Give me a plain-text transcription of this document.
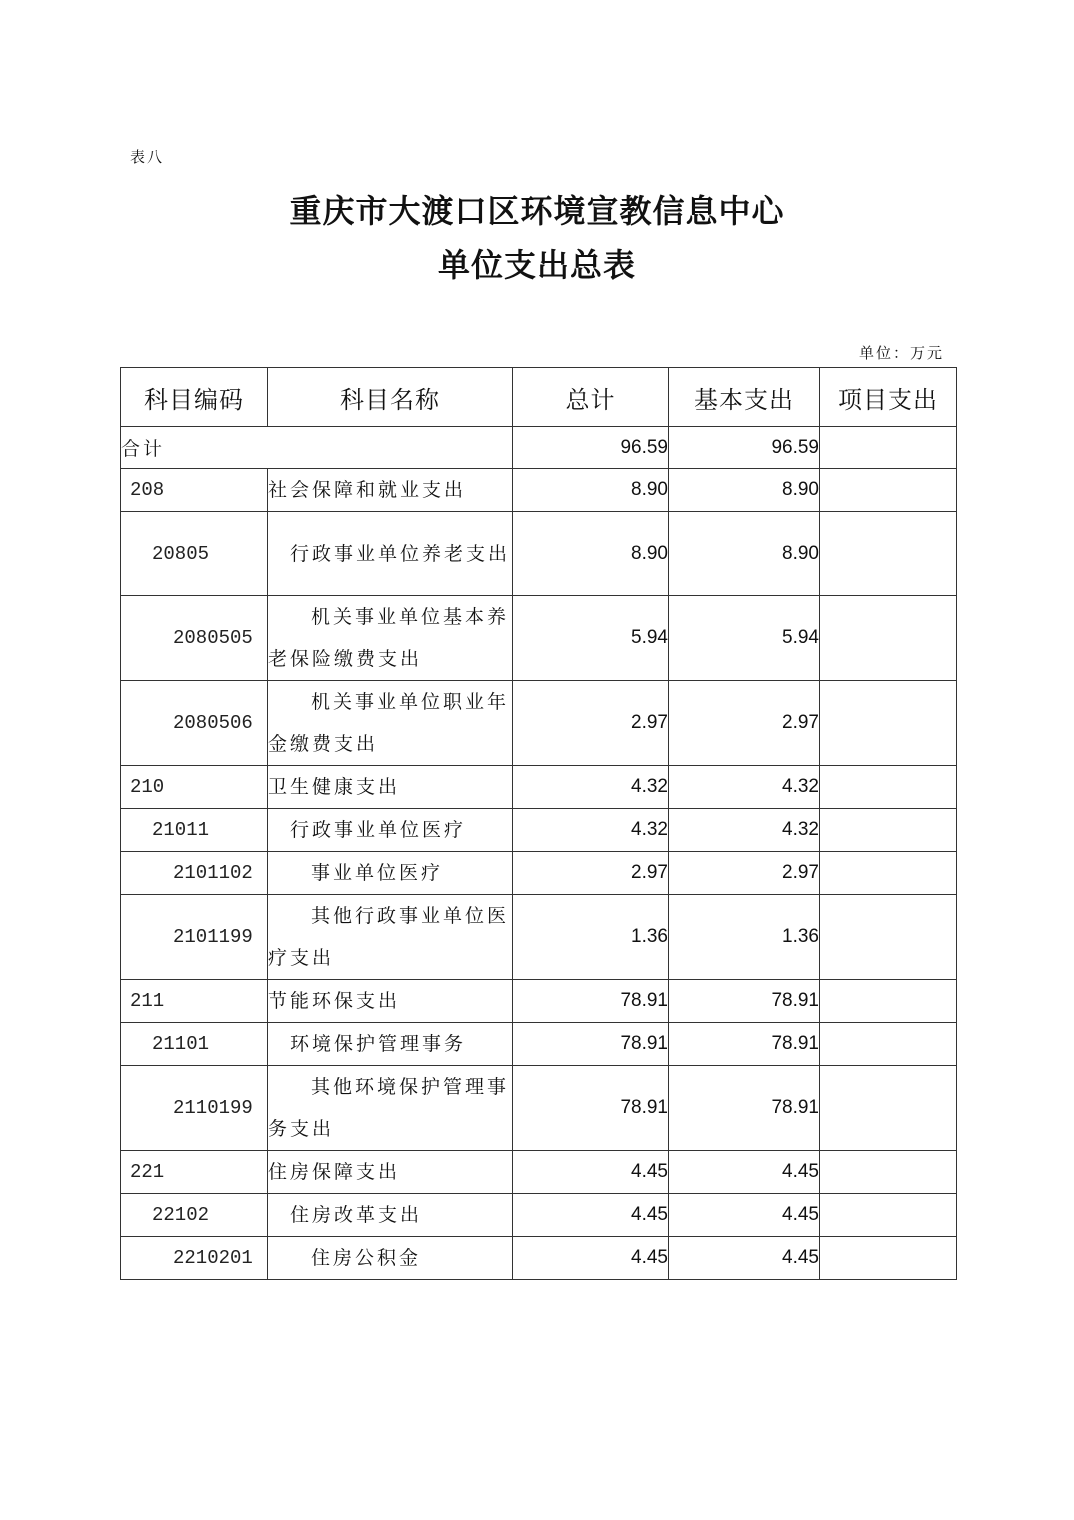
表八
重庆市大渡口区环境宣教信息中心
单位支出总表
单位：万元
科目编码	科目名称	总计	基本支出	项目支出
合计		96.59	96.59	
208	社会保障和就业支出	8.90	8.90	
20805	行政事业单位养老支出	8.90	8.90	
2080505	机关事业单位基本养老保险缴费支出	5.94	5.94	
2080506	机关事业单位职业年金缴费支出	2.97	2.97	
210	卫生健康支出	4.32	4.32	
21011	行政事业单位医疗	4.32	4.32	
2101102	事业单位医疗	2.97	2.97	
2101199	其他行政事业单位医疗支出	1.36	1.36	
211	节能环保支出	78.91	78.91	
21101	环境保护管理事务	78.91	78.91	
2110199	其他环境保护管理事务支出	78.91	78.91	
221	住房保障支出	4.45	4.45	
22102	住房改革支出	4.45	4.45	
2210201	住房公积金	4.45	4.45	
